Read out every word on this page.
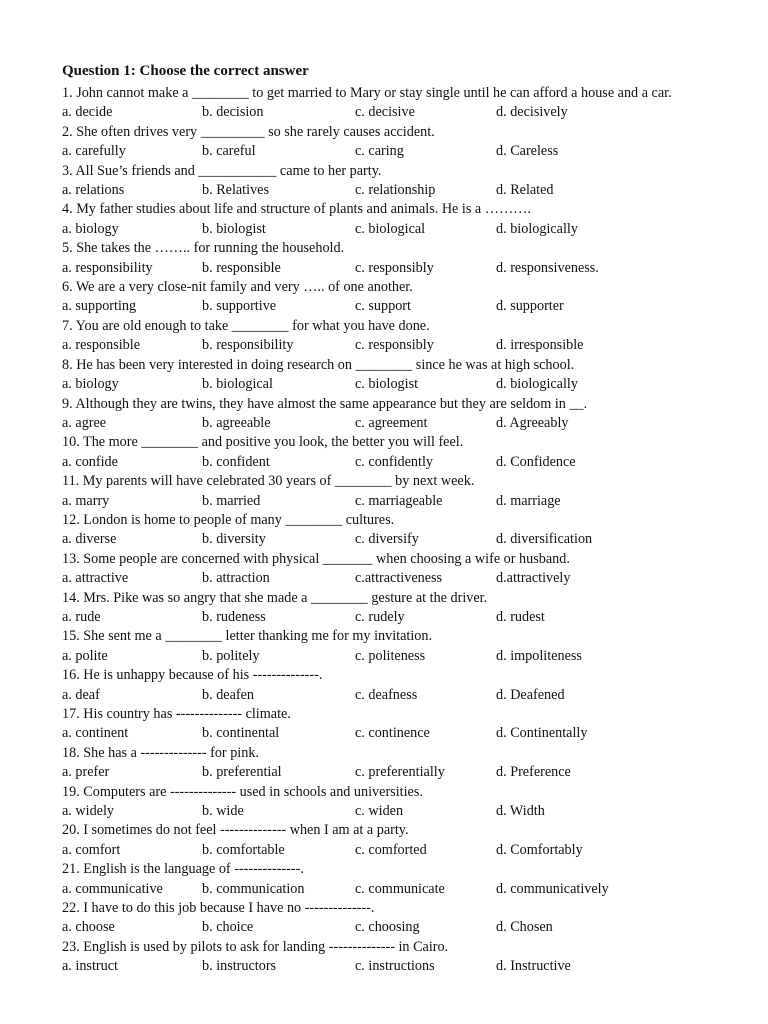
Question 1: Choose the correct answer
1. John cannot make a ________ to get married to Mary or stay single until he can afford a house and a car.
a. decide	b. decision	c. decisive	d. decisively
2. She often drives very _________ so she rarely causes accident.
a. carefully	b. careful	c. caring	d. Careless
3. All Sue’s friends and ___________ came to her party.
a. relations	b. Relatives	c. relationship	d. Related
4. My father studies about life and structure of plants and animals. He is a ……….
a. biology	b. biologist	c. biological	d. biologically
5. She takes the …….. for running the household.
a. responsibility	b. responsible	c. responsibly	d. responsiveness.
6. We are a very close-nit family and very ….. of one another.
a. supporting	b. supportive	c. support	d. supporter
7. You are old enough to take ________ for what you have done.
a. responsible	b. responsibility	c. responsibly	d. irresponsible
8. He has been very interested in doing research on ________ since he was at high school.
a. biology	b. biological	c. biologist	d. biologically
9. Although they are twins, they have almost the same appearance but they are seldom in __.
a. agree	b. agreeable	c. agreement	d. Agreeably
10. The more ________ and positive you look, the better you will feel.
a. confide	b. confident	c. confidently	d. Confidence
11. My parents will have celebrated 30 years of ________ by next week.
a. marry	b. married	c. marriageable	d. marriage
12. London is home to people of many ________ cultures.
a. diverse	b. diversity	c. diversify	d. diversification
13. Some people are concerned with physical _______ when choosing a wife or husband.
a. attractive	b. attraction	c.attractiveness	d.attractively
14. Mrs. Pike was so angry that she made a ________ gesture at the driver.
a. rude	b. rudeness	c. rudely	d. rudest
15. She sent me a ________ letter thanking me for my invitation.
a. polite	b. politely	c. politeness	d. impoliteness
16. He is unhappy because of his --------------.
a. deaf	b. deafen	c. deafness	d. Deafened
17. His country has -------------- climate.
a. continent	b. continental	c. continence	d. Continentally
18. She has a -------------- for pink.
a. prefer	b. preferential	c. preferentially	d. Preference
19. Computers are -------------- used in schools and universities.
a. widely	b. wide	c. widen	d. Width
20. I sometimes do not feel -------------- when I am at a party.
a. comfort	b. comfortable	c. comforted	d. Comfortably
21. English is the language of --------------.
a. communicative	b. communication	c. communicate	d. communicatively
22. I have to do this job because I have no --------------.
a. choose	b. choice	c. choosing	d. Chosen
23. English is used by pilots to ask for landing -------------- in Cairo.
a. instruct	b. instructors	c. instructions	d. Instructive
